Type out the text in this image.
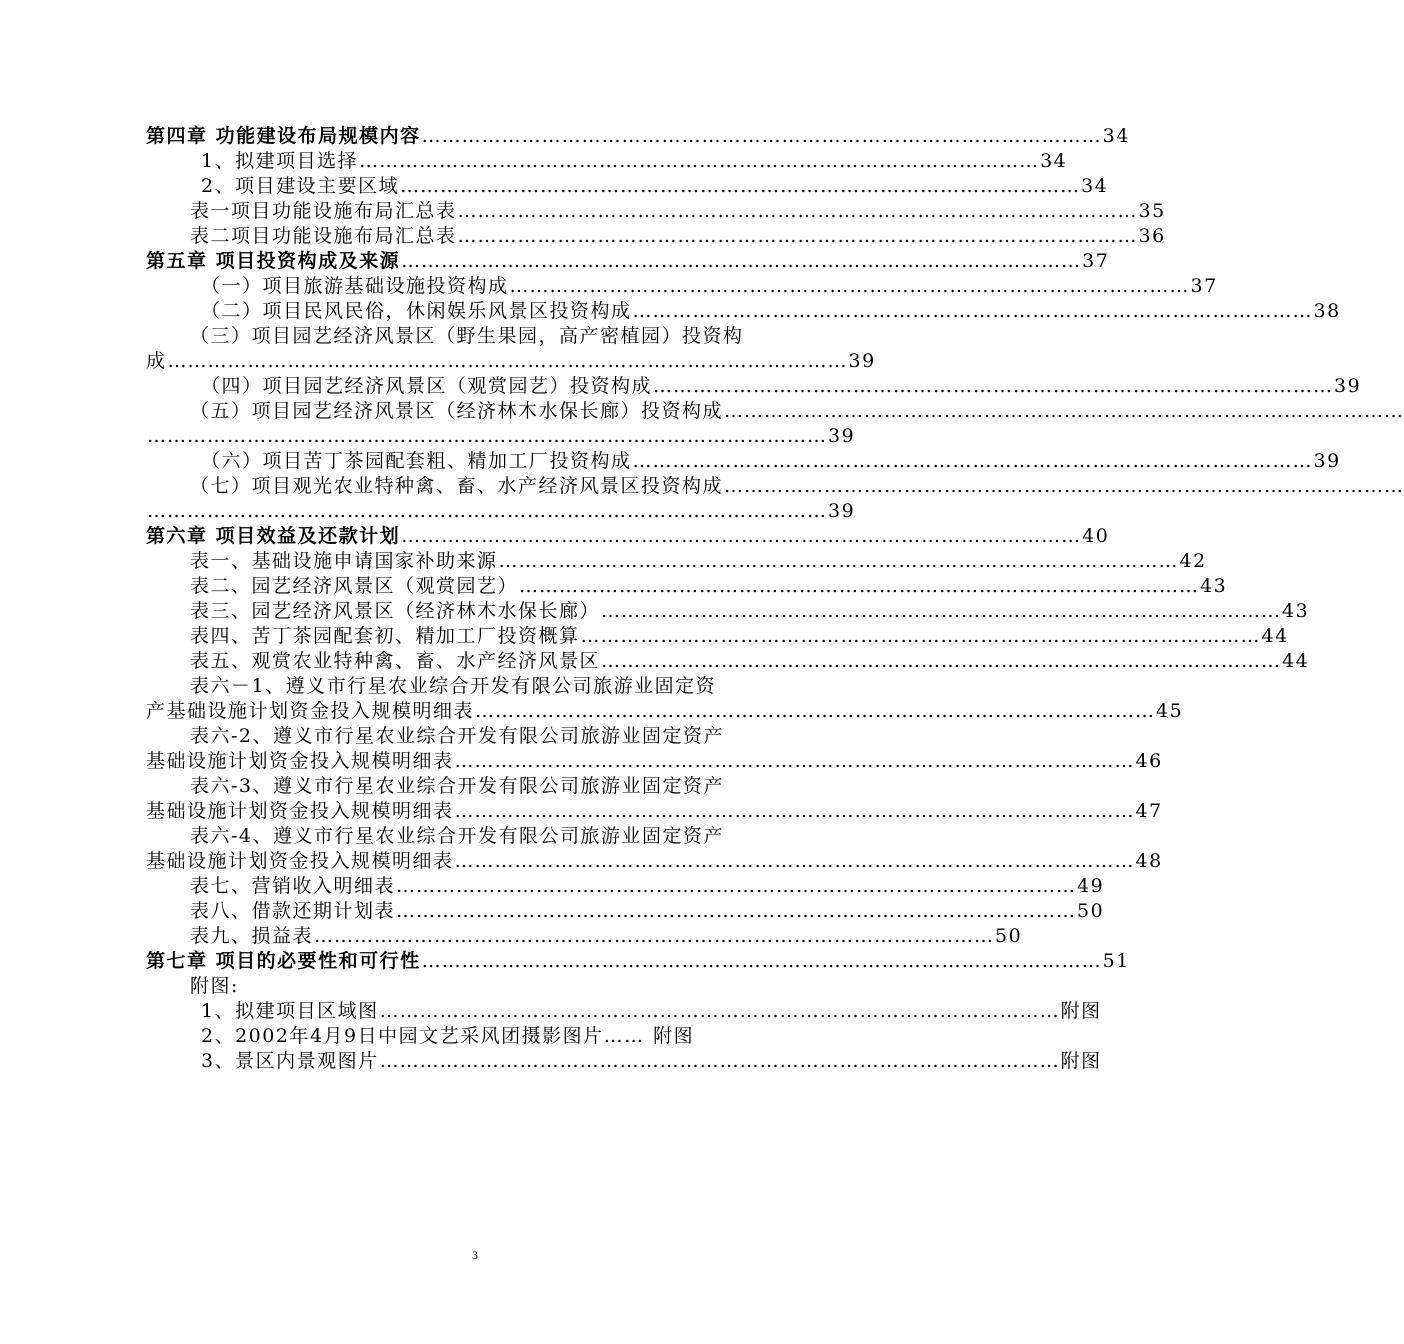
第四章 功能建设布局规模内容 ………………………………………………………………………………………… 34
1、拟建项目选择 ………………………………………………………………………………………… 34
2、项目建设主要区域 ………………………………………………………………………………………… 34
表一项目功能设施布局汇总表 ………………………………………………………………………………………… 35
表二项目功能设施布局汇总表 ………………………………………………………………………………………… 36
第五章 项目投资构成及来源 ………………………………………………………………………………………… 37
（一）项目旅游基础设施投资构成 ………………………………………………………………………………………… 37
（二）项目民风民俗，休闲娱乐风景区投资构成 ………………………………………………………………………………………… 38
（三）项目园艺经济风景区（野生果园，高产密植园）投资构
成 ………………………………………………………………………………………… 39
（四）项目园艺经济风景区（观赏园艺）投资构成 ………………………………………………………………………………………… 39
（五）项目园艺经济风景区（经济林木水保长廊）投资构成 …………………………………………………………………………………………
………………………………………………………………………………………… 39
（六）项目苦丁茶园配套粗、精加工厂投资构成 ………………………………………………………………………………………… 39
（七）项目观光农业特种禽、畜、水产经济风景区投资构成 …………………………………………………………………………………………
………………………………………………………………………………………… 39
第六章 项目效益及还款计划 ………………………………………………………………………………………… 40
表一、基础设施申请国家补助来源 ………………………………………………………………………………………… 42
表二、园艺经济风景区（观赏园艺） ………………………………………………………………………………………… 43
表三、园艺经济风景区（经济林木水保长廊） ………………………………………………………………………………………… 43
表四、苦丁茶园配套初、精加工厂投资概算 ………………………………………………………………………………………… 44
表五、观赏农业特种禽、畜、水产经济风景区 ………………………………………………………………………………………… 44
表六－1、遵义市行星农业综合开发有限公司旅游业固定资
产基础设施计划资金投入规模明细表 ………………………………………………………………………………………… 45
表六-2、遵义市行星农业综合开发有限公司旅游业固定资产
基础设施计划资金投入规模明细表 ………………………………………………………………………………………… 46
表六-3、遵义市行星农业综合开发有限公司旅游业固定资产
基础设施计划资金投入规模明细表 ………………………………………………………………………………………… 47
表六-4、遵义市行星农业综合开发有限公司旅游业固定资产
基础设施计划资金投入规模明细表 ………………………………………………………………………………………… 48
表七、营销收入明细表 ………………………………………………………………………………………… 49
表八、借款还期计划表 ………………………………………………………………………………………… 50
表九、损益表 ………………………………………………………………………………………… 50
第七章 项目的必要性和可行性 ………………………………………………………………………………………… 51
附图:
1、拟建项目区域图 ………………………………………………………………………………………… 附图
2、2002年4月9日中园文艺采风团摄影图片…… 附图
3、景区内景观图片 ………………………………………………………………………………………… 附图
3
